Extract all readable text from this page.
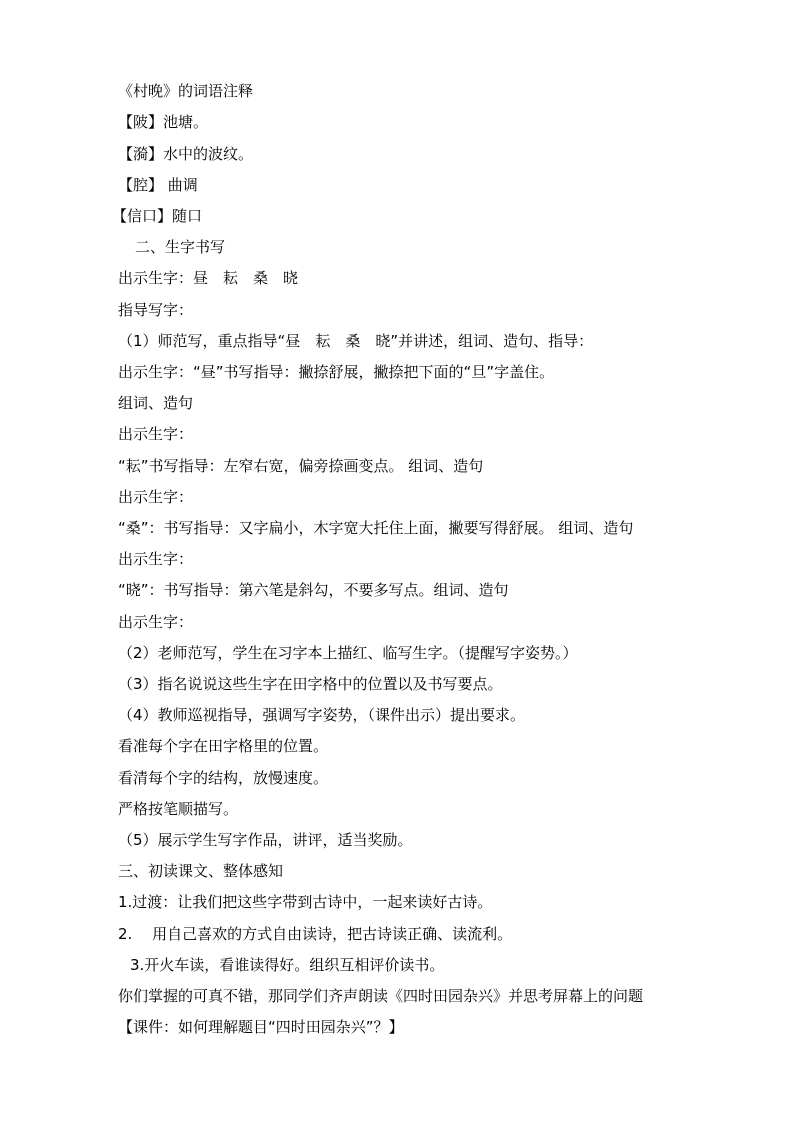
《村晚》的词语注释
【陂】池塘。
【漪】水中的波纹。
【腔】 曲调
【信口】随口
二、生字书写
出示生字：昼　耘　桑　晓
指导写字：
（1）师范写，重点指导“昼　耘　桑　晓”并讲述，组词、造句、指导：
出示生字：“昼”书写指导：撇捺舒展，撇捺把下面的“旦”字盖住。
组词、造句
出示生字：
“耘”书写指导：左窄右宽，偏旁捺画变点。 组词、造句
出示生字：
“桑”：书写指导：又字扁小，木字宽大托住上面，撇要写得舒展。 组词、造句
出示生字：
“晓”：书写指导：第六笔是斜勾，不要多写点。组词、造句
出示生字：
（2）老师范写，学生在习字本上描红、临写生字。（提醒写字姿势。）
（3）指名说说这些生字在田字格中的位置以及书写要点。
（4）教师巡视指导，强调写字姿势，（课件出示）提出要求。
看准每个字在田字格里的位置。
看清每个字的结构，放慢速度。
严格按笔顺描写。
（5）展示学生写字作品，讲评，适当奖励。
三、初读课文、整体感知
1.过渡：让我们把这些字带到古诗中，一起来读好古诗。
2.　 用自己喜欢的方式自由读诗，把古诗读正确、读流利。
3.开火车读，看谁读得好。组织互相评价读书。
你们掌握的可真不错，那同学们齐声朗读《四时田园杂兴》并思考屏幕上的问题
【课件：如何理解题目“四时田园杂兴”？】
